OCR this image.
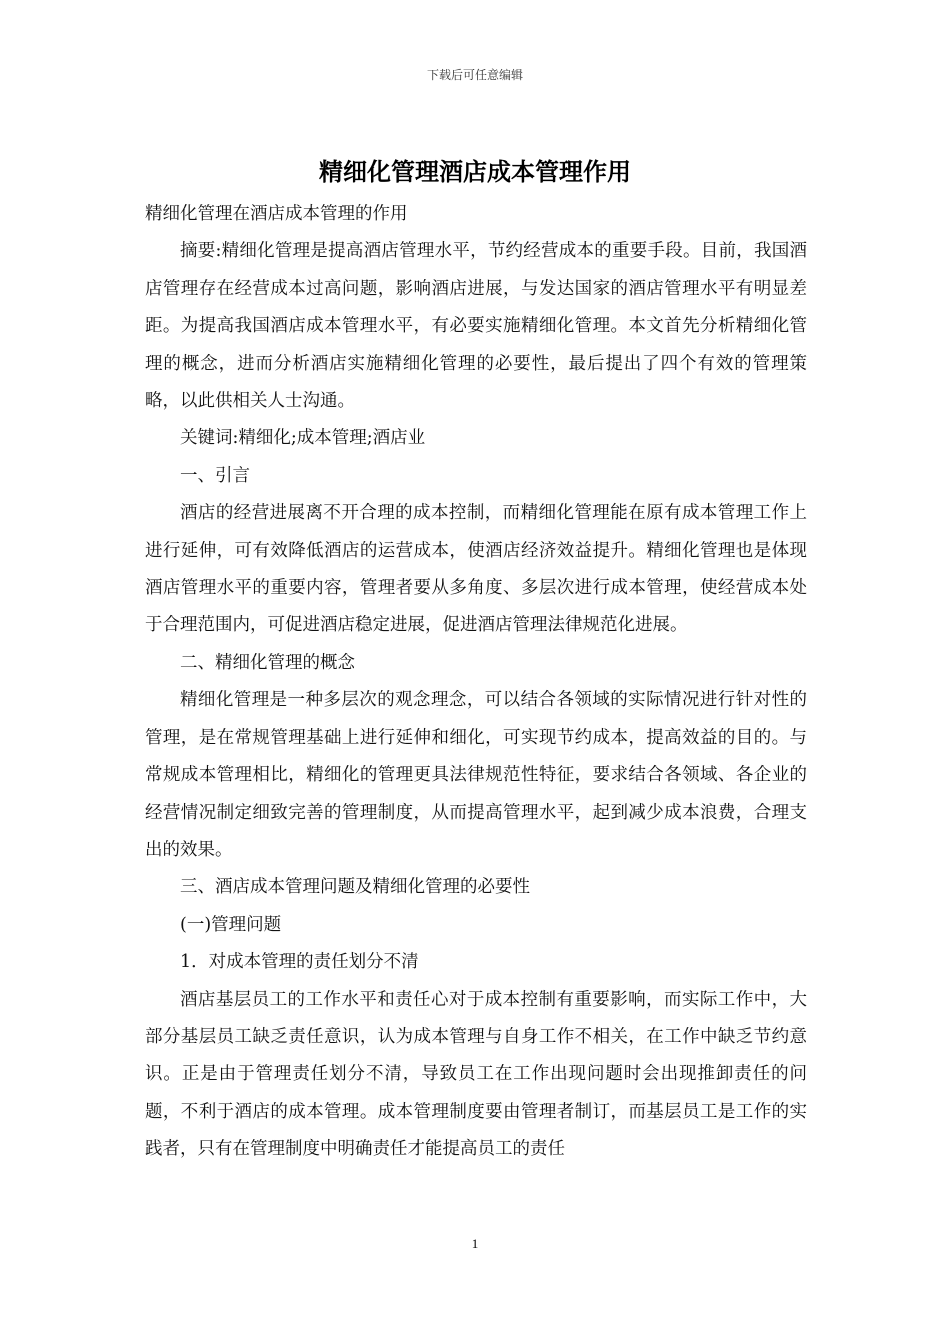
下载后可任意编辑
精细化管理酒店成本管理作用

精细化管理在酒店成本管理的作用

摘要:精细化管理是提高酒店管理水平，节约经营成本的重要手段。目前，我国酒店管理存在经营成本过高问题，影响酒店进展，与发达国家的酒店管理水平有明显差距。为提高我国酒店成本管理水平，有必要实施精细化管理。本文首先分析精细化管理的概念，进而分析酒店实施精细化管理的必要性，最后提出了四个有效的管理策略，以此供相关人士沟通。

关键词:精细化;成本管理;酒店业

一、引言

酒店的经营进展离不开合理的成本控制，而精细化管理能在原有成本管理工作上进行延伸，可有效降低酒店的运营成本，使酒店经济效益提升。精细化管理也是体现酒店管理水平的重要内容，管理者要从多角度、多层次进行成本管理，使经营成本处于合理范围内，可促进酒店稳定进展，促进酒店管理法律规范化进展。

二、精细化管理的概念

精细化管理是一种多层次的观念理念，可以结合各领域的实际情况进行针对性的管理，是在常规管理基础上进行延伸和细化，可实现节约成本，提高效益的目的。与常规成本管理相比，精细化的管理更具法律规范性特征，要求结合各领域、各企业的经营情况制定细致完善的管理制度，从而提高管理水平，起到减少成本浪费，合理支出的效果。

三、酒店成本管理问题及精细化管理的必要性

(一)管理问题

1．对成本管理的责任划分不清

酒店基层员工的工作水平和责任心对于成本控制有重要影响，而实际工作中，大部分基层员工缺乏责任意识，认为成本管理与自身工作不相关，在工作中缺乏节约意识。正是由于管理责任划分不清，导致员工在工作出现问题时会出现推卸责任的问题，不利于酒店的成本管理。成本管理制度要由管理者制订，而基层员工是工作的实践者，只有在管理制度中明确责任才能提高员工的责任

1
